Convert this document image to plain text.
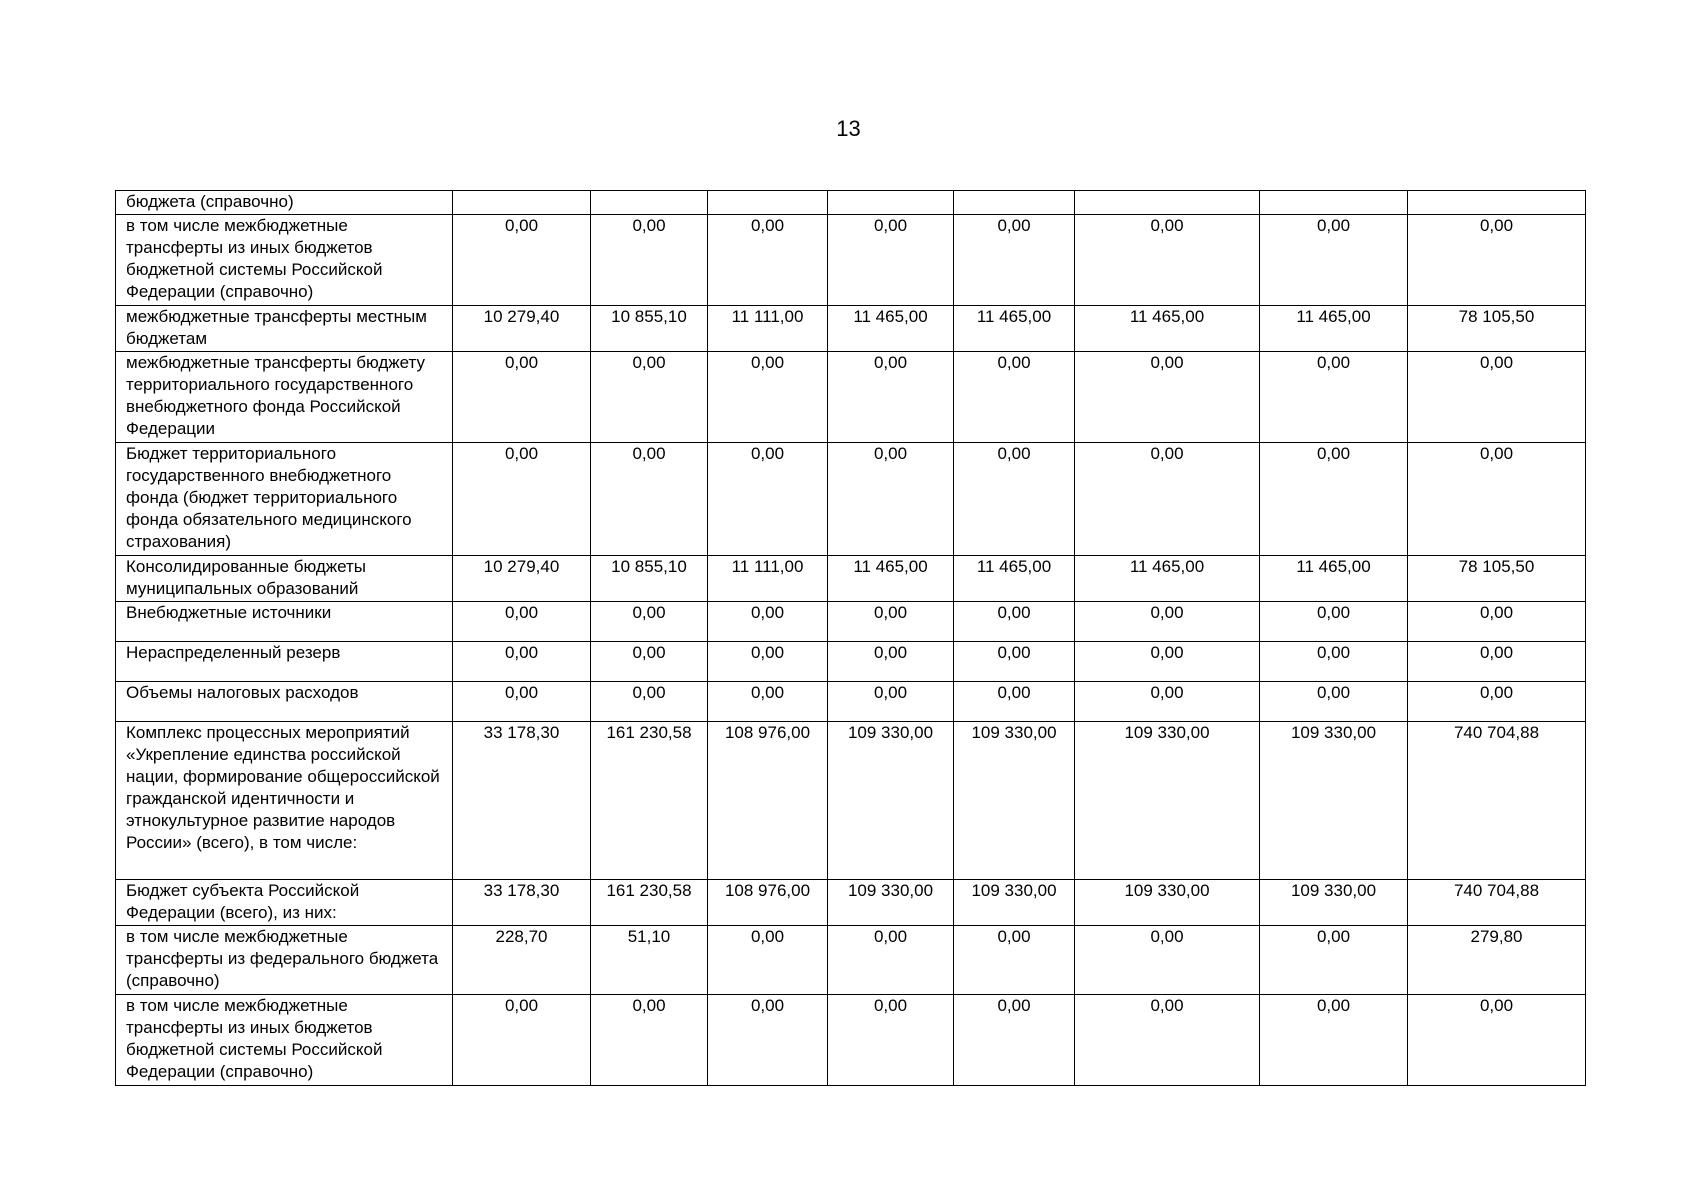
13
бюджета (справочно)								
в том числе межбюджетные трансферты из иных бюджетов бюджетной системы Российской Федерации (справочно)	0,00	0,00	0,00	0,00	0,00	0,00	0,00	0,00
межбюджетные трансферты местным бюджетам	10 279,40	10 855,10	11 111,00	11 465,00	11 465,00	11 465,00	11 465,00	78 105,50
межбюджетные трансферты бюджету территориального государственного внебюджетного фонда Российской Федерации	0,00	0,00	0,00	0,00	0,00	0,00	0,00	0,00
Бюджет территориального государственного внебюджетного фонда (бюджет территориального фонда обязательного медицинского страхования)	0,00	0,00	0,00	0,00	0,00	0,00	0,00	0,00
Консолидированные бюджеты муниципальных образований	10 279,40	10 855,10	11 111,00	11 465,00	11 465,00	11 465,00	11 465,00	78 105,50
Внебюджетные источники	0,00	0,00	0,00	0,00	0,00	0,00	0,00	0,00
Нераспределенный резерв	0,00	0,00	0,00	0,00	0,00	0,00	0,00	0,00
Объемы налоговых расходов	0,00	0,00	0,00	0,00	0,00	0,00	0,00	0,00
Комплекс процессных мероприятий «Укрепление единства российской нации, формирование общероссийской гражданской идентичности и этнокультурное развитие народов России» (всего), в том числе:	33 178,30	161 230,58	108 976,00	109 330,00	109 330,00	109 330,00	109 330,00	740 704,88
Бюджет субъекта Российской Федерации (всего), из них:	33 178,30	161 230,58	108 976,00	109 330,00	109 330,00	109 330,00	109 330,00	740 704,88
в том числе межбюджетные трансферты из федерального бюджета (справочно)	228,70	51,10	0,00	0,00	0,00	0,00	0,00	279,80
в том числе межбюджетные трансферты из иных бюджетов бюджетной системы Российской Федерации (справочно)	0,00	0,00	0,00	0,00	0,00	0,00	0,00	0,00
